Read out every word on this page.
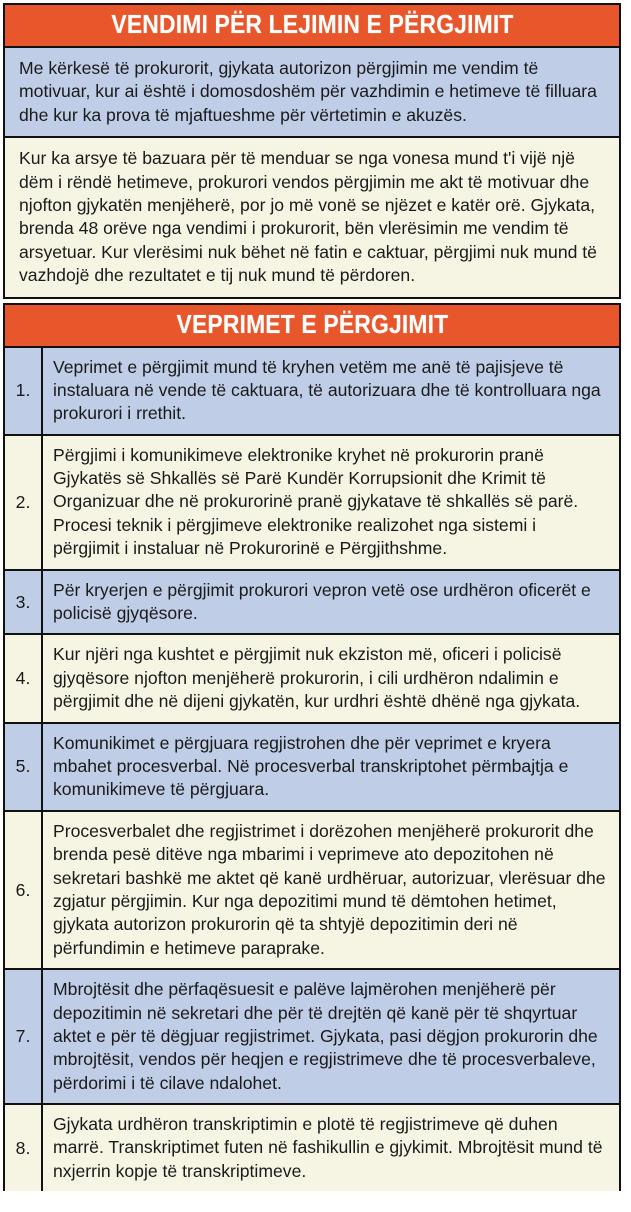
VENDIMI PËR LEJIMIN E PËRGJIMIT
Me kërkesë të prokurorit, gjykata autorizon përgjimin me vendim të motivuar, kur ai është i domosdoshëm për vazhdimin e hetimeve të filluara dhe kur ka prova të mjaftueshme për vërtetimin e akuzës.
Kur ka arsye të bazuara për të menduar se nga vonesa mund t'i vijë një dëm i rëndë hetimeve, prokurori vendos përgjimin me akt të motivuar dhe njofton gjykatën menjëherë, por jo më vonë se njëzet e katër orë. Gjykata, brenda 48 orëve nga vendimi i prokurorit, bën vlerësimin me vendim të arsyetuar. Kur vlerësimi nuk bëhet në fatin e caktuar, përgjimi nuk mund të vazhdojë dhe rezultatet e tij nuk mund të përdoren.
VEPRIMET E PËRGJIMIT
1.
Veprimet e përgjimit mund të kryhen vetëm me anë të pajisjeve të instaluara në vende të caktuara, të autorizuara dhe të kontrolluara nga prokurori i rrethit.
2.
Përgjimi i komunikimeve elektronike kryhet në prokurorin pranë Gjykatës së Shkallës së Parë Kundër Korrupsionit dhe Krimit të Organizuar dhe në prokurorinë pranë gjykatave të shkallës së parë. Procesi teknik i përgjimeve elektronike realizohet nga sistemi i përgjimit i instaluar në Prokurorinë e Përgjithshme.
3.
Për kryerjen e përgjimit prokurori vepron vetë ose urdhëron oficerët e policisë gjyqësore.
4.
Kur njëri nga kushtet e përgjimit nuk ekziston më, oficeri i policisë gjyqësore njofton menjëherë prokurorin, i cili urdhëron ndalimin e përgjimit dhe në dijeni gjykatën, kur urdhri është dhënë nga gjykata.
5.
Komunikimet e përgjuara regjistrohen dhe për veprimet e kryera mbahet procesverbal. Në procesverbal transkriptohet përmbajtja e komunikimeve të përgjuara.
6.
Procesverbalet dhe regjistrimet i dorëzohen menjëherë prokurorit dhe brenda pesë ditëve nga mbarimi i veprimeve ato depozitohen në sekretari bashkë me aktet që kanë urdhëruar, autorizuar, vlerësuar dhe zgjatur përgjimin. Kur nga depozitimi mund të dëmtohen hetimet, gjykata autorizon prokurorin që ta shtyjë depozitimin deri në përfundimin e hetimeve paraprake.
7.
Mbrojtësit dhe përfaqësuesit e palëve lajmërohen menjëherë për depozitimin në sekretari dhe për të drejtën që kanë për të shqyrtuar aktet e për të dëgjuar regjistrimet. Gjykata, pasi dëgjon prokurorin dhe mbrojtësit, vendos për heqjen e regjistrimeve dhe të procesverbaleve, përdorimi i të cilave ndalohet.
8.
Gjykata urdhëron transkriptimin e plotë të regjistrimeve që duhen marrë. Transkriptimet futen në fashikullin e gjykimit. Mbrojtësit mund të nxjerrin kopje të transkriptimeve.
